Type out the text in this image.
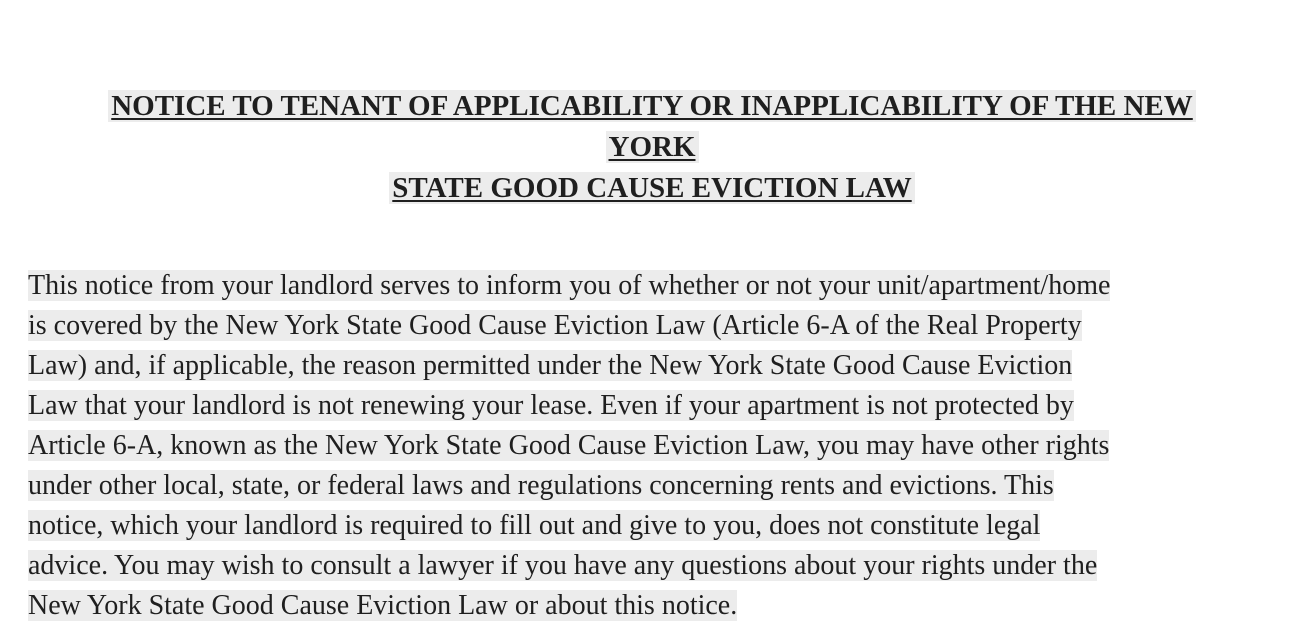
NOTICE TO TENANT OF APPLICABILITY OR INAPPLICABILITY OF THE NEW
YORK
STATE GOOD CAUSE EVICTION LAW
This notice from your landlord serves to inform you of whether or not your unit/apartment/home
is covered by the New York State Good Cause Eviction Law (Article 6-A of the Real Property
Law) and, if applicable, the reason permitted under the New York State Good Cause Eviction
Law that your landlord is not renewing your lease. Even if your apartment is not protected by
Article 6-A, known as the New York State Good Cause Eviction Law, you may have other rights
under other local, state, or federal laws and regulations concerning rents and evictions. This
notice, which your landlord is required to fill out and give to you, does not constitute legal
advice. You may wish to consult a lawyer if you have any questions about your rights under the
New York State Good Cause Eviction Law or about this notice.
